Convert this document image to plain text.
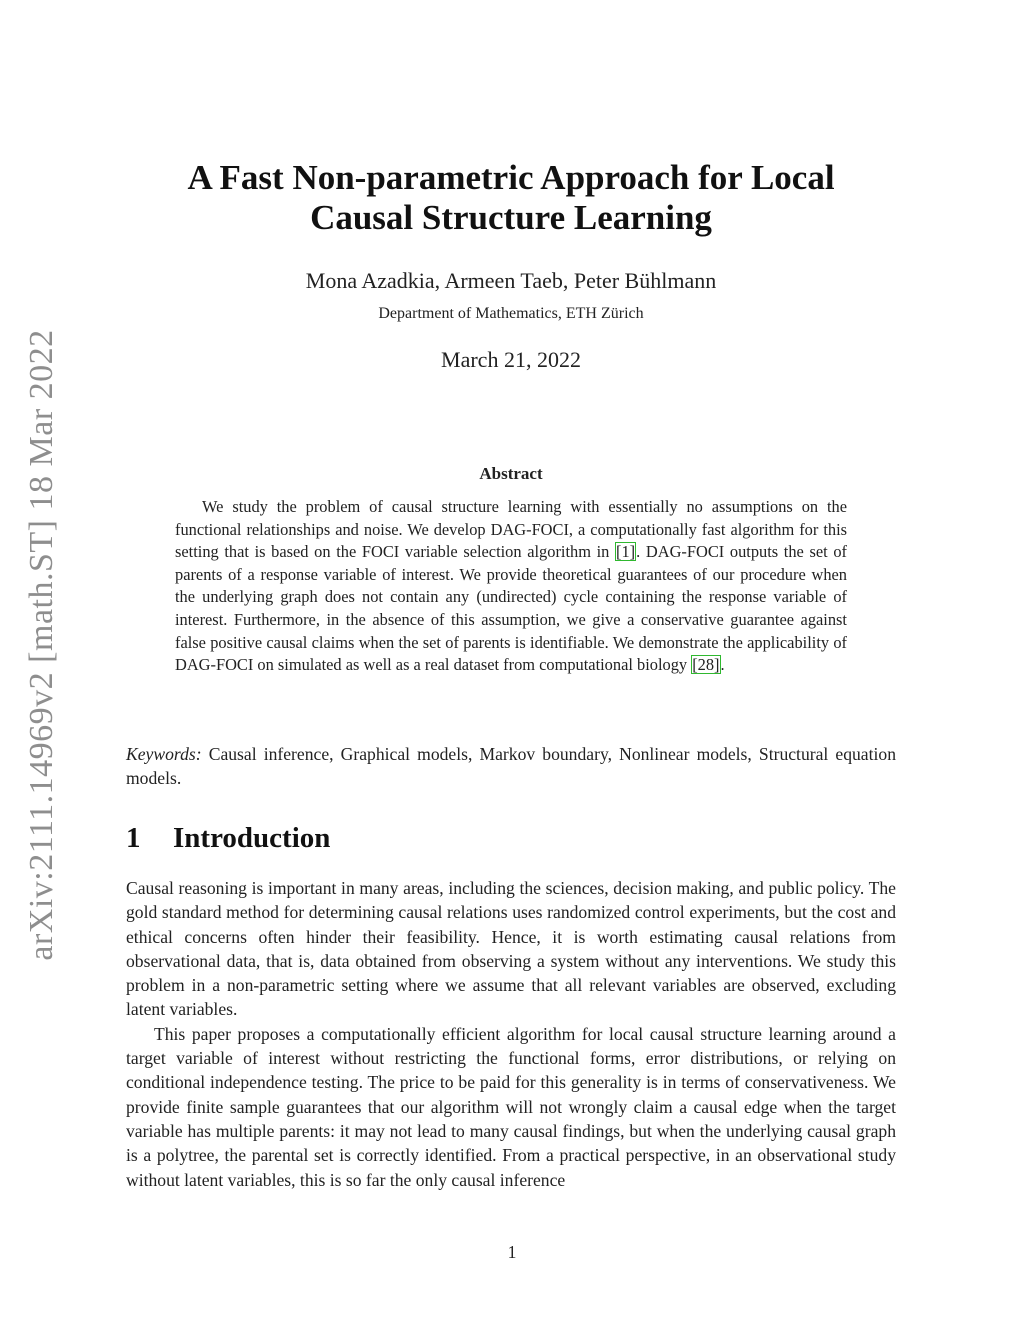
arXiv:2111.14969v2 [math.ST] 18 Mar 2022
A Fast Non-parametric Approach for Local
Causal Structure Learning
Mona Azadkia, Armeen Taeb, Peter Bühlmann
Department of Mathematics, ETH Zürich
March 21, 2022
Abstract
We study the problem of causal structure learning with essentially no assumptions on the functional relationships and noise. We develop DAG-FOCI, a computationally fast algorithm for this setting that is based on the FOCI variable selection algorithm in [1]. DAG-FOCI outputs the set of parents of a response variable of interest. We provide theoretical guarantees of our procedure when the underlying graph does not contain any (undirected) cycle containing the response variable of interest. Furthermore, in the absence of this assumption, we give a conservative guarantee against false positive causal claims when the set of parents is identifiable. We demonstrate the applicability of DAG-FOCI on simulated as well as a real dataset from computational biology [28].
Keywords: Causal inference, Graphical models, Markov boundary, Nonlinear models, Structural equation models.
1 Introduction

Causal reasoning is important in many areas, including the sciences, decision making, and public policy. The gold standard method for determining causal relations uses randomized control experiments, but the cost and ethical concerns often hinder their feasibility. Hence, it is worth estimating causal relations from observational data, that is, data obtained from observing a system without any interventions. We study this problem in a non-parametric setting where we assume that all relevant variables are observed, excluding latent variables.

This paper proposes a computationally efficient algorithm for local causal structure learning around a target variable of interest without restricting the functional forms, error distributions, or relying on conditional independence testing. The price to be paid for this generality is in terms of conservativeness. We provide finite sample guarantees that our algorithm will not wrongly claim a causal edge when the target variable has multiple parents: it may not lead to many causal findings, but when the underlying causal graph is a polytree, the parental set is correctly identified. From a practical perspective, in an observational study without latent variables, this is so far the only causal inference

1
